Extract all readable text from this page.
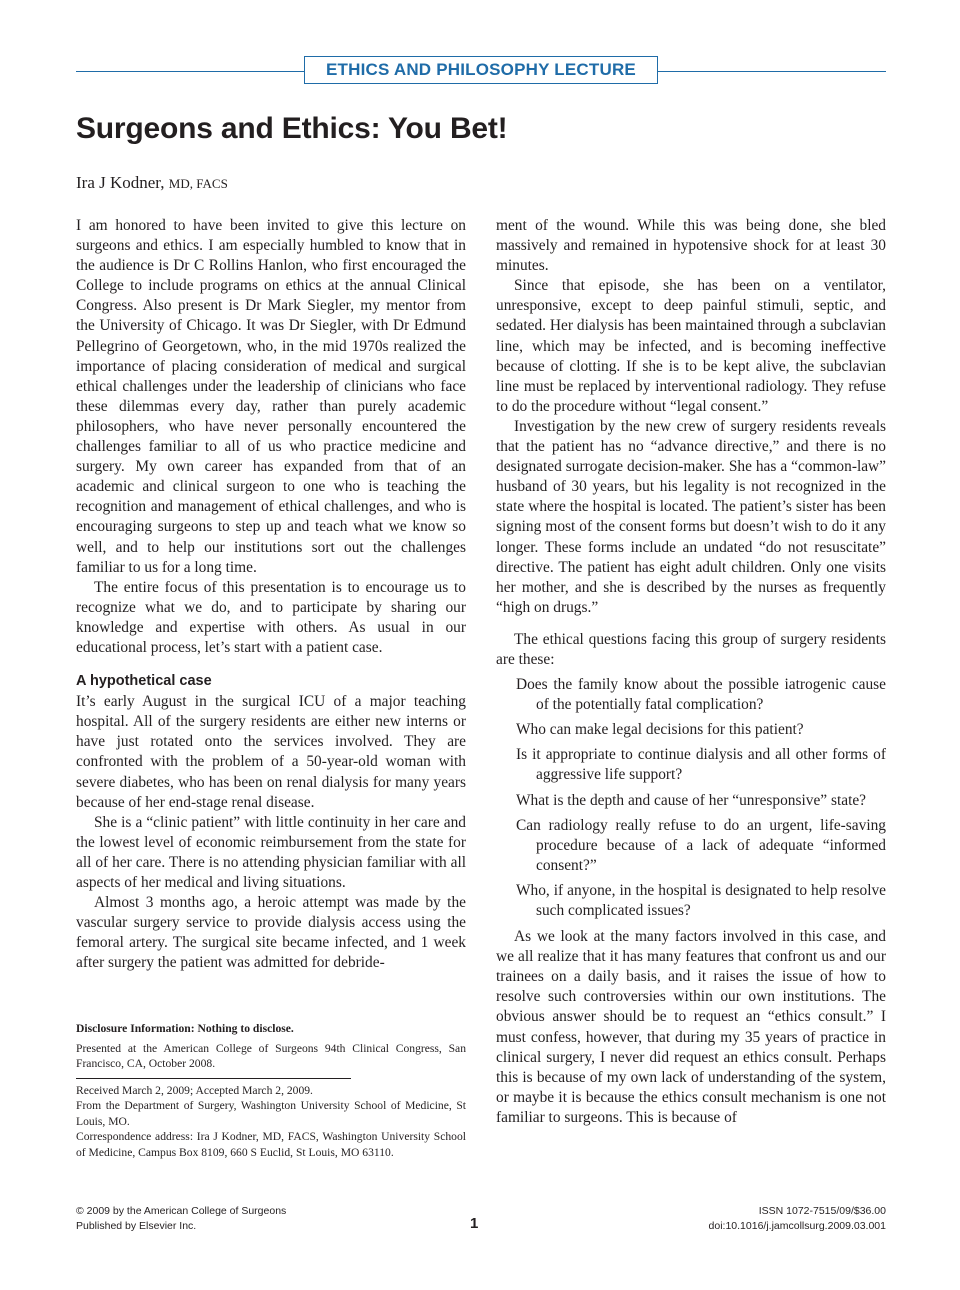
ETHICS AND PHILOSOPHY LECTURE
Surgeons and Ethics: You Bet!
Ira J Kodner, MD, FACS

I am honored to have been invited to give this lecture on surgeons and ethics. I am especially humbled to know that in the audience is Dr C Rollins Hanlon, who first encouraged the College to include programs on ethics at the annual Clinical Congress. Also present is Dr Mark Siegler, my mentor from the University of Chicago. It was Dr Siegler, with Dr Edmund Pellegrino of Georgetown, who, in the mid 1970s realized the importance of placing consideration of medical and surgical ethical challenges under the leadership of clinicians who face these dilemmas every day, rather than purely academic philosophers, who have never personally encountered the challenges familiar to all of us who practice medicine and surgery. My own career has expanded from that of an academic and clinical surgeon to one who is teaching the recognition and management of ethical challenges, and who is encouraging surgeons to step up and teach what we know so well, and to help our institutions sort out the challenges familiar to us for a long time.

The entire focus of this presentation is to encourage us to recognize what we do, and to participate by sharing our knowledge and expertise with others. As usual in our educational process, let’s start with a patient case.

A hypothetical case

It’s early August in the surgical ICU of a major teaching hospital. All of the surgery residents are either new interns or have just rotated onto the services involved. They are confronted with the problem of a 50-year-old woman with severe diabetes, who has been on renal dialysis for many years because of her end-stage renal disease.

She is a “clinic patient” with little continuity in her care and the lowest level of economic reimbursement from the state for all of her care. There is no attending physician familiar with all aspects of her medical and living situations.

Almost 3 months ago, a heroic attempt was made by the vascular surgery service to provide dialysis access using the femoral artery. The surgical site became infected, and 1 week after surgery the patient was admitted for debride-

ment of the wound. While this was being done, she bled massively and remained in hypotensive shock for at least 30 minutes.

Since that episode, she has been on a ventilator, unresponsive, except to deep painful stimuli, septic, and sedated. Her dialysis has been maintained through a subclavian line, which may be infected, and is becoming ineffective because of clotting. If she is to be kept alive, the subclavian line must be replaced by interventional radiology. They refuse to do the procedure without “legal consent.”

Investigation by the new crew of surgery residents reveals that the patient has no “advance directive,” and there is no designated surrogate decision-maker. She has a “common-law” husband of 30 years, but his legality is not recognized in the state where the hospital is located. The patient’s sister has been signing most of the consent forms but doesn’t wish to do it any longer. These forms include an undated “do not resuscitate” directive. The patient has eight adult children. Only one visits her mother, and she is described by the nurses as frequently “high on drugs.”

The ethical questions facing this group of surgery residents are these:

Does the family know about the possible iatrogenic cause of the potentially fatal complication?
Who can make legal decisions for this patient?
Is it appropriate to continue dialysis and all other forms of aggressive life support?
What is the depth and cause of her “unresponsive” state?
Can radiology really refuse to do an urgent, life-saving procedure because of a lack of adequate “informed consent?”
Who, if anyone, in the hospital is designated to help resolve such complicated issues?

As we look at the many factors involved in this case, and we all realize that it has many features that confront us and our trainees on a daily basis, and it raises the issue of how to resolve such controversies within our own institutions. The obvious answer should be to request an “ethics consult.” I must confess, however, that during my 35 years of practice in clinical surgery, I never did request an ethics consult. Perhaps this is because of my own lack of understanding of the system, or maybe it is because the ethics consult mechanism is one not familiar to surgeons. This is because of

Disclosure Information: Nothing to disclose.

Presented at the American College of Surgeons 94th Clinical Congress, San Francisco, CA, October 2008.

Received March 2, 2009; Accepted March 2, 2009.

From the Department of Surgery, Washington University School of Medicine, St Louis, MO.

Correspondence address: Ira J Kodner, MD, FACS, Washington University School of Medicine, Campus Box 8109, 660 S Euclid, St Louis, MO 63110.

© 2009 by the American College of Surgeons
Published by Elsevier Inc.	1
ISSN 1072-7515/09/$36.00
doi:10.1016/j.jamcollsurg.2009.03.001
